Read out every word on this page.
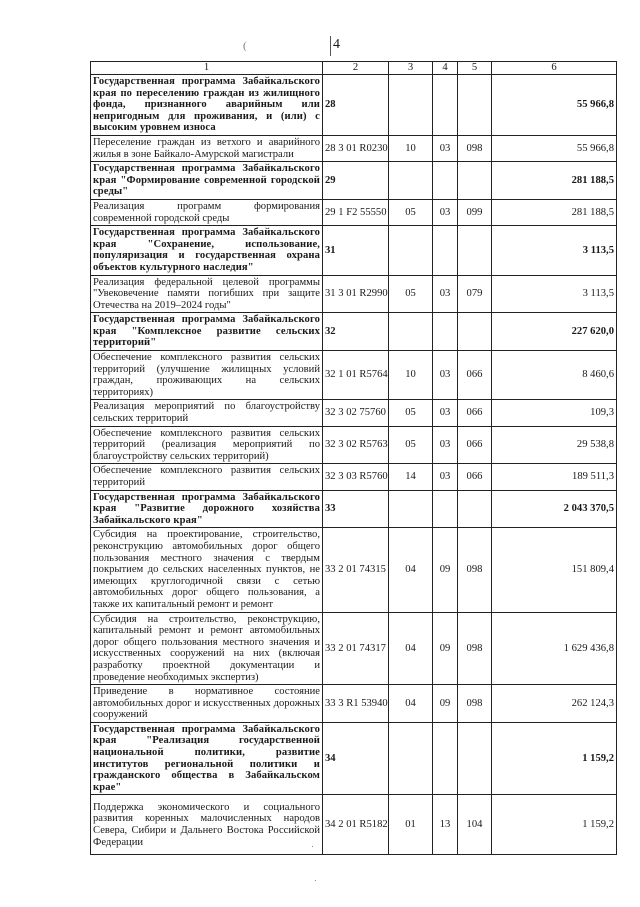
4
(
1	2	3	4	5	6
Государственная программа Забайкальского края по переселению граждан из жилищного фонда, признанного аварийным или непригодным для проживания, и (или) с высоким уровнем износа	28				55 966,8
Переселение граждан из ветхого и аварийного жилья в зоне Байкало-Амурской магистрали	28 3 01 R0230	10	03	098	55 966,8
Государственная программа Забайкальского края "Формирование современной городской среды"	29				281 188,5
Реализация программ формирования современной городской среды	29 1 F2 55550	05	03	099	281 188,5
Государственная программа Забайкальского края "Сохранение, использование, популяризация и государственная охрана объектов культурного наследия"	31				3 113,5
Реализация федеральной целевой программы "Увековечение памяти погибших при защите Отечества на 2019–2024 годы"	31 3 01 R2990	05	03	079	3 113,5
Государственная программа Забайкальского края "Комплексное развитие сельских территорий"	32				227 620,0
Обеспечение комплексного развития сельских территорий (улучшение жилищных условий граждан, проживающих на сельских территориях)	32 1 01 R5764	10	03	066	8 460,6
Реализация мероприятий по благоустройству сельских территорий	32 3 02 75760	05	03	066	109,3
Обеспечение комплексного развития сельских территорий (реализация мероприятий по благоустройству сельских территорий)	32 3 02 R5763	05	03	066	29 538,8
Обеспечение комплексного развития сельских территорий	32 3 03 R5760	14	03	066	189 511,3
Государственная программа Забайкальского края "Развитие дорожного хозяйства Забайкальского края"	33				2 043 370,5
Субсидия на проектирование, строительство, реконструкцию автомобильных дорог общего пользования местного значения с твердым покрытием до сельских населенных пунктов, не имеющих круглогодичной связи с сетью автомобильных дорог общего пользования, а также их капитальный ремонт и ремонт	33 2 01 74315	04	09	098	151 809,4
Субсидия на строительство, реконструкцию, капитальный ремонт и ремонт автомобильных дорог общего пользования местного значения и искусственных сооружений на них (включая разработку проектной документации и проведение необходимых экспертиз)	33 2 01 74317	04	09	098	1 629 436,8
Приведение в нормативное состояние автомобильных дорог и искусственных дорожных сооружений	33 3 R1 53940	04	09	098	262 124,3
Государственная программа Забайкальского края "Реализация государственной национальной политики, развитие институтов региональной политики и гражданского общества в Забайкальском крае"	34				1 159,2
Поддержка экономического и социального развития коренных малочисленных народов Севера, Сибири и Дальнего Востока Российской Федерации	34 2 01 R5182	01	13	104	1 159,2
